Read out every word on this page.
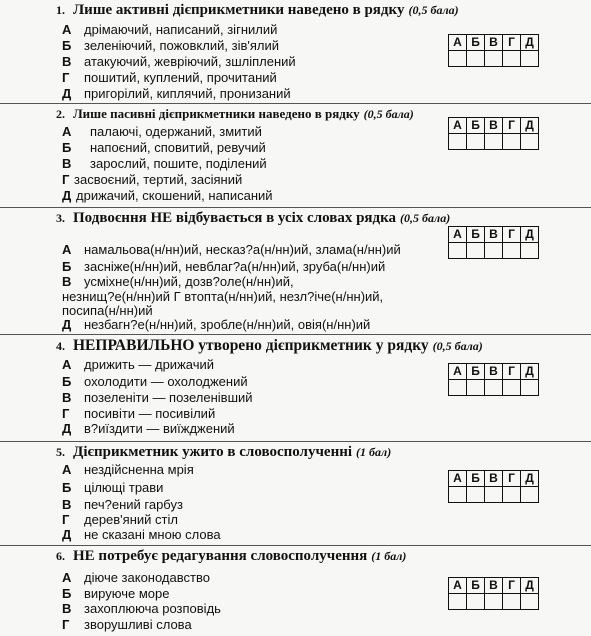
1. Лише активні дієприкметники наведено в рядку (0,5 бала)
А дрімаючий, написаний, зігнилий
Б зеленіючий, пожовклий, зів'ялий
В атакуючий, жевріючий, зшліплений
Г пошитий, куплений, прочитаний
Д пригорілий, киплячий, пронизаний
А	Б	В	Г	Д

2. Лише пасивні дієприкметники наведено в рядку (0,5 бала)
А палаючі, одержаний, змитий
Б напоєний, сповитий, ревучий
В зарослий, пошите, поділений
Г засвоєний, тертий, засіяний
Д дрижачий, скошений, написаний
А	Б	В	Г	Д

3. Подвоєння НЕ відбувається в усіх словах рядка (0,5 бала)
А намальова(н/нн)ий, несказ?а(н/нн)ий, злама(н/нн)ий
Б засніже(н/нн)ий, невблаг?а(н/нн)ий, зруба(н/нн)ий
В усміхне(н/нн)ий, дозв?оле(н/нн)ий,
незнищ?е(н/нн)ий Г втопта(н/нн)ий, незл?іче(н/нн)ий,
посипа(н/нн)ий
Д незбагн?е(н/нн)ий, зробле(н/нн)ий, овія(н/нн)ий
А	Б	В	Г	Д

4. НЕПРАВИЛЬНО утворено дієприкметник у рядку (0,5 бала)
А дрижить — дрижачий
Б охолодити — охолоджений
В позеленіти — позеленівший
Г посивіти — посивілий
Д в?иїздити — виїжджений
А	Б	В	Г	Д

5. Дієприкметник ужито в словосполученні (1 бал)
А нездійсненна мрія
Б цілющі трави
В печ?ений гарбуз
Г дерев'яний стіл
Д не сказані мною слова
А	Б	В	Г	Д

6. НЕ потребує редагування словосполучення (1 бал)
А діюче законодавство
Б вируюче море
В захоплююча розповідь
Г зворушливі слова
А	Б	В	Г	Д
